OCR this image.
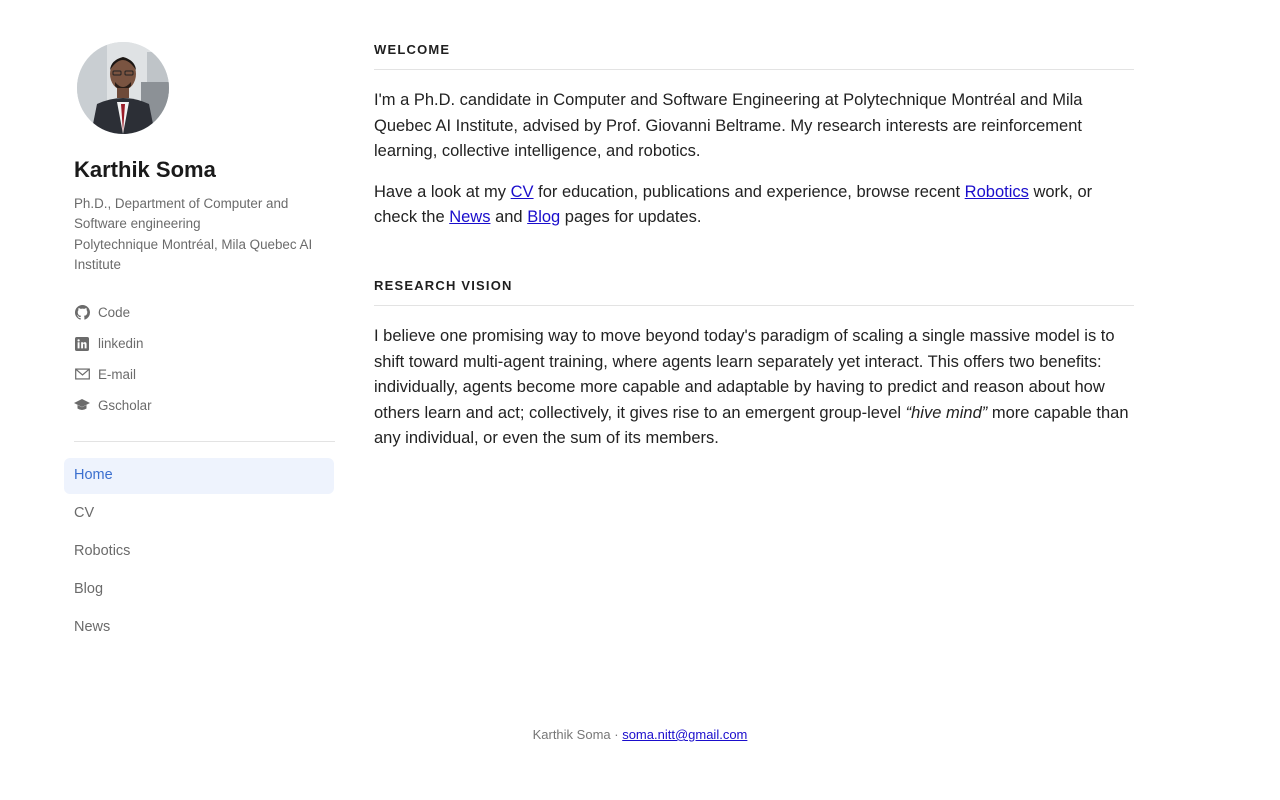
Karthik Soma
Ph.D., Department of Computer and Software engineering
Polytechnique Montréal, Mila Quebec AI Institute
Code
linkedin
E-mail
Gscholar
Home
CV
Robotics
Blog
News
WELCOME

I'm a Ph.D. candidate in Computer and Software Engineering at Polytechnique Montréal and Mila Quebec AI Institute, advised by Prof. Giovanni Beltrame. My research interests are reinforcement learning, collective intelligence, and robotics.

Have a look at my CV for education, publications and experience, browse recent Robotics work, or check the News and Blog pages for updates.

RESEARCH VISION

I believe one promising way to move beyond today's paradigm of scaling a single massive model is to shift toward multi-agent training, where agents learn separately yet interact. This offers two benefits: individually, agents become more capable and adaptable by having to predict and reason about how others learn and act; collectively, it gives rise to an emergent group-level “hive mind” more capable than any individual, or even the sum of its members.

Karthik Soma · soma.nitt@gmail.com
